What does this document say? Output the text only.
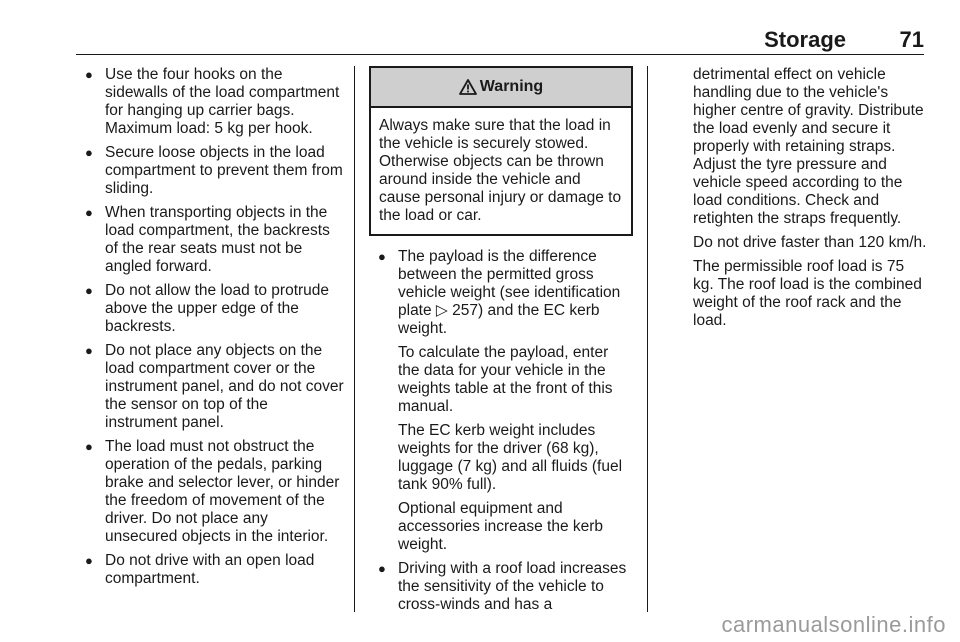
Storage 71
● Use the four hooks on the sidewalls of the load compartment for hanging up carrier bags. Maximum load: 5 kg per hook.
● Secure loose objects in the load compartment to prevent them from sliding.
● When transporting objects in the load compartment, the backrests of the rear seats must not be angled forward.
● Do not allow the load to protrude above the upper edge of the backrests.
● Do not place any objects on the load compartment cover or the instrument panel, and do not cover the sensor on top of the instrument panel.
● The load must not obstruct the operation of the pedals, parking brake and selector lever, or hinder the freedom of movement of the driver. Do not place any unsecured objects in the interior.
● Do not drive with an open load compartment.
Warning
Always make sure that the load in the vehicle is securely stowed. Otherwise objects can be thrown around inside the vehicle and cause personal injury or damage to the load or car.
● The payload is the difference between the permitted gross vehicle weight (see identification plate ▷ 257) and the EC kerb weight.
To calculate the payload, enter the data for your vehicle in the weights table at the front of this manual.
The EC kerb weight includes weights for the driver (68 kg), luggage (7 kg) and all fluids (fuel tank 90% full).
Optional equipment and accessories increase the kerb weight.
● Driving with a roof load increases the sensitivity of the vehicle to cross-winds and has a

detrimental effect on vehicle handling due to the vehicle's higher centre of gravity. Distribute the load evenly and secure it properly with retaining straps. Adjust the tyre pressure and vehicle speed according to the load conditions. Check and retighten the straps frequently.

Do not drive faster than 120 km/h.

The permissible roof load is 75 kg. The roof load is the combined weight of the roof rack and the load.

carmanualsonline.info
